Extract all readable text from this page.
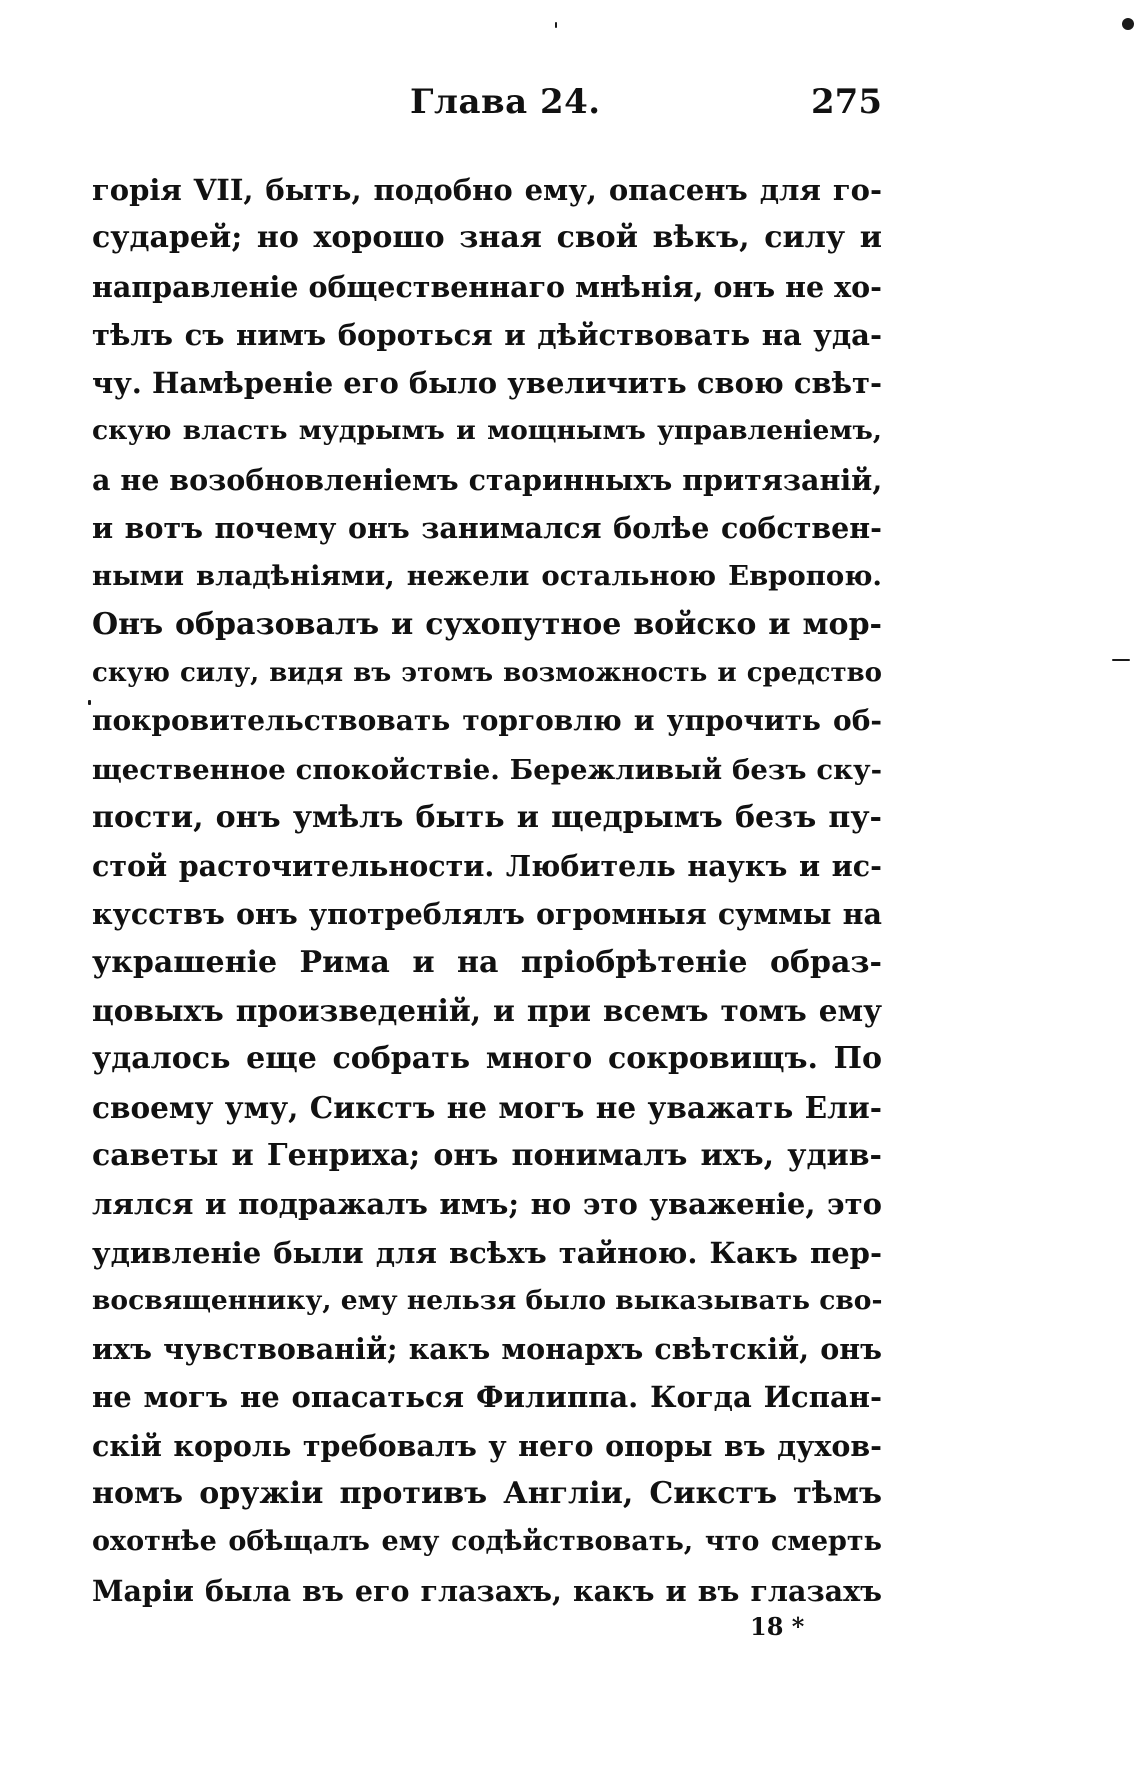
Глава 24.	275
горія VII, быть, подобно ему, опасенъ для го-
сударей; но хорошо зная свой вѣкъ, силу и
направленіе общественнаго мнѣнія, онъ не хо-
тѣлъ съ нимъ бороться и дѣйствовать на уда-
чу. Намѣреніе его было увеличить свою свѣт-
скую власть мудрымъ и мощнымъ управленіемъ,
а не возобновленіемъ старинныхъ притязаній,
и вотъ почему онъ занимался болѣе собствен-
ными владѣніями, нежели остальною Европою.
Онъ образовалъ и сухопутное войско и мор-
скую силу, видя въ этомъ возможность и средство
покровительствовать торговлю и упрочить об-
щественное спокойствіе. Бережливый безъ ску-
пости, онъ умѣлъ быть и щедрымъ безъ пу-
стой расточительности. Любитель наукъ и ис-
кусствъ онъ употреблялъ огромныя суммы на
украшеніе Рима и на пріобрѣтеніе образ-
цовыхъ произведеній, и при всемъ томъ ему
удалось еще собрать много сокровищъ. По
своему уму, Сикстъ не могъ не уважать Ели-
саветы и Генриха; онъ понималъ ихъ, удив-
лялся и подражалъ имъ; но это уваженіе, это
удивленіе были для всѣхъ тайною. Какъ пер-
восвященнику, ему нельзя было выказывать сво-
ихъ чувствованій; какъ монархъ свѣтскій, онъ
не могъ не опасаться Филиппа. Когда Испан-
скій король требовалъ у него опоры въ духов-
номъ оружіи противъ Англіи, Сикстъ тѣмъ
охотнѣе обѣщалъ ему содѣйствовать, что смерть
Маріи была въ его глазахъ, какъ и въ глазахъ
18 *
